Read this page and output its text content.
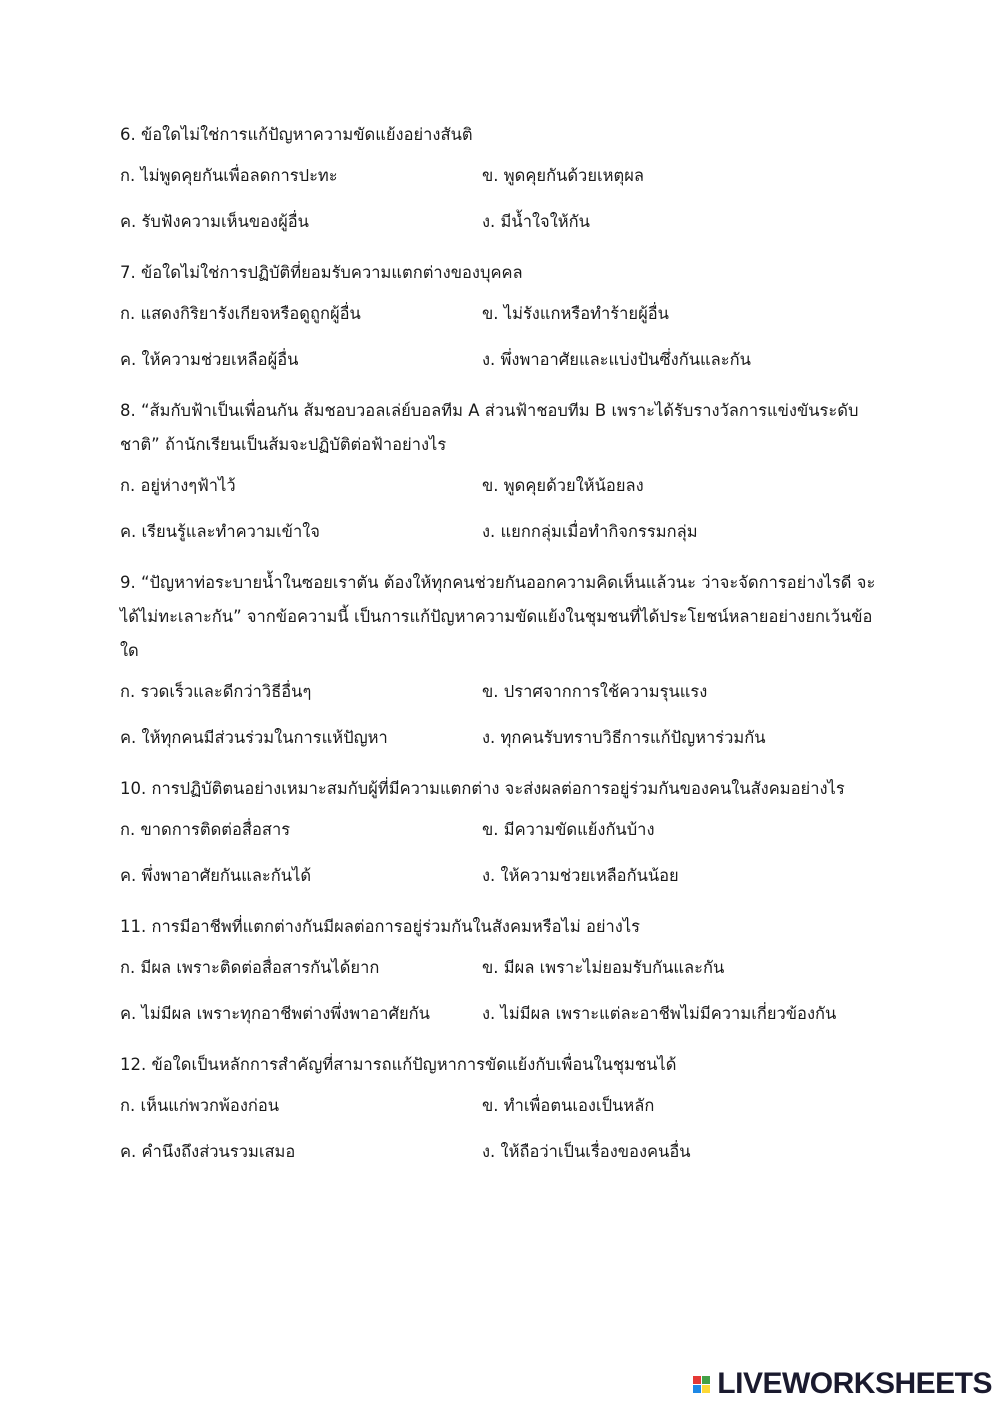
6. ข้อใดไม่ใช่การแก้ปัญหาความขัดแย้งอย่างสันติ
ก. ไม่พูดคุยกันเพื่อลดการปะทะ	ข. พูดคุยกันด้วยเหตุผล
ค. รับฟังความเห็นของผู้อื่น	ง. มีน้ำใจให้กัน
7. ข้อใดไม่ใช่การปฏิบัติที่ยอมรับความแตกต่างของบุคคล
ก. แสดงกิริยารังเกียจหรือดูถูกผู้อื่น	ข. ไม่รังแกหรือทำร้ายผู้อื่น
ค. ให้ความช่วยเหลือผู้อื่น	ง. พึ่งพาอาศัยและแบ่งปันซึ่งกันและกัน
8. “ส้มกับฟ้าเป็นเพื่อนกัน ส้มชอบวอลเล่ย์บอลทีม A ส่วนฟ้าชอบทีม B เพราะได้รับรางวัลการแข่งขันระดับชาติ” ถ้านักเรียนเป็นส้มจะปฏิบัติต่อฟ้าอย่างไร
ก. อยู่ห่างๆฟ้าไว้	ข. พูดคุยด้วยให้น้อยลง
ค. เรียนรู้และทำความเข้าใจ	ง. แยกกลุ่มเมื่อทำกิจกรรมกลุ่ม
9. “ปัญหาท่อระบายน้ำในซอยเราตัน ต้องให้ทุกคนช่วยกันออกความคิดเห็นแล้วนะ ว่าจะจัดการอย่างไรดี จะได้ไม่ทะเลาะกัน” จากข้อความนี้ เป็นการแก้ปัญหาความขัดแย้งในชุมชนที่ได้ประโยชน์หลายอย่างยกเว้นข้อใด
ก. รวดเร็วและดีกว่าวิธีอื่นๆ	ข. ปราศจากการใช้ความรุนแรง
ค. ให้ทุกคนมีส่วนร่วมในการแห้ปัญหา	ง. ทุกคนรับทราบวิธีการแก้ปัญหาร่วมกัน
10. การปฏิบัติตนอย่างเหมาะสมกับผู้ที่มีความแตกต่าง จะส่งผลต่อการอยู่ร่วมกันของคนในสังคมอย่างไร
ก. ขาดการติดต่อสื่อสาร	ข. มีความขัดแย้งกันบ้าง
ค. พึ่งพาอาศัยกันและกันได้	ง. ให้ความช่วยเหลือกันน้อย
11. การมีอาชีพที่แตกต่างกันมีผลต่อการอยู่ร่วมกันในสังคมหรือไม่ อย่างไร
ก. มีผล เพราะติดต่อสื่อสารกันได้ยาก	ข. มีผล เพราะไม่ยอมรับกันและกัน
ค. ไม่มีผล เพราะทุกอาชีพต่างพึ่งพาอาศัยกัน	ง. ไม่มีผล เพราะแต่ละอาชีพไม่มีความเกี่ยวข้องกัน
12. ข้อใดเป็นหลักการสำคัญที่สามารถแก้ปัญหาการขัดแย้งกับเพื่อนในชุมชนได้
ก. เห็นแก่พวกพ้องก่อน	ข. ทำเพื่อตนเองเป็นหลัก
ค. คำนึงถึงส่วนรวมเสมอ	ง. ให้ถือว่าเป็นเรื่องของคนอื่น
LIVEWORKSHEETS
